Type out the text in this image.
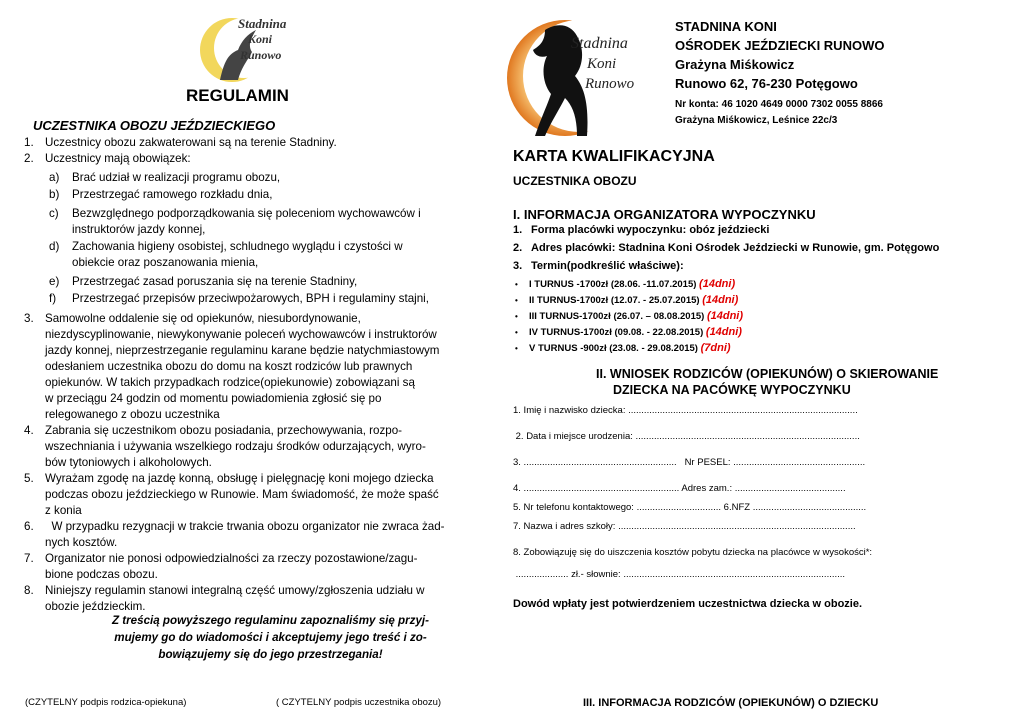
Stadnina
Koni
Runowo
REGULAMIN
UCZESTNIKA OBOZU JEŹDZIECKIEGO
1. Uczestnicy obozu zakwaterowani są na terenie Stadniny.
2. Uczestnicy mają obowiązek:
a) Brać udział w realizacji programu obozu,
b) Przestrzegać ramowego rozkładu dnia,
c) Bezwzględnego podporządkowania się poleceniom wychowawców i
instruktorów jazdy konnej,
d) Zachowania higieny osobistej, schludnego wyglądu i czystości w
obiekcie oraz poszanowania mienia,
e) Przestrzegać zasad poruszania się na terenie Stadniny,
f) Przestrzegać przepisów przeciwpożarowych, BPH i regulaminy stajni,
3. Samowolne oddalenie się od opiekunów, niesubordynowanie,
niezdyscyplinowanie, niewykonywanie poleceń wychowawców i instruktorów
jazdy konnej, nieprzestrzeganie regulaminu karane będzie natychmiastowym
odesłaniem uczestnika obozu do domu na koszt rodziców lub prawnych
opiekunów. W takich przypadkach rodzice(opiekunowie) zobowiązani są
w przeciągu 24 godzin od momentu powiadomienia zgłosić się po
relegowanego z obozu uczestnika
4. Zabrania się uczestnikom obozu posiadania, przechowywania, rozpo-
wszechniania i używania wszelkiego rodzaju środków odurzających, wyro-
bów tytoniowych i alkoholowych.
5. Wyrażam zgodę na jazdę konną, obsługę i pielęgnację koni mojego dziecka
podczas obozu jeździeckiego w Runowie. Mam świadomość, że może spaść
z konia
6. W przypadku rezygnacji w trakcie trwania obozu organizator nie zwraca żad-
nych kosztów.
7. Organizator nie ponosi odpowiedzialności za rzeczy pozostawione/zagu-
bione podczas obozu.
8. Niniejszy regulamin stanowi integralną część umowy/zgłoszenia udziału w
obozie jeździeckim.
Z treścią powyższego regulaminu zapoznaliśmy się przyj-
mujemy go do wiadomości i akceptujemy jego treść i zo-
bowiązujemy się do jego przestrzegania!
(CZYTELNY podpis rodzica-opiekuna)	( CZYTELNY podpis uczestnika obozu)
Stadnina
Koni
Runowo
STADNINA KONI
OŚRODEK JEŹDZIECKI RUNOWO
Grażyna Miśkowicz
Runowo 62, 76-230 Potęgowo
Nr konta: 46 1020 4649 0000 7302 0055 8866
Grażyna Miśkowicz, Leśnice 22c/3
KARTA KWALIFIKACYJNA
UCZESTNIKA OBOZU
I. INFORMACJA ORGANIZATORA WYPOCZYNKU
1. Forma placówki wypoczynku: obóz jeździecki
2. Adres placówki: Stadnina Koni Ośrodek Jeździecki w Runowie, gm. Potęgowo
3. Termin(podkreślić właściwe):
• I TURNUS -1700zł (28.06. -11.07.2015) (14dni)
• II TURNUS-1700zł (12.07. - 25.07.2015) (14dni)
• III TURNUS-1700zł (26.07. – 08.08.2015) (14dni)
• IV TURNUS-1700zł (09.08. - 22.08.2015) (14dni)
• V TURNUS -900zł (23.08. - 29.08.2015) (7dni)
II. WNIOSEK RODZICÓW (OPIEKUNÓW) O SKIEROWANIE
DZIECKA NA PACÓWKĘ WYPOCZYNKU
1. Imię i nazwisko dziecka: .......................................................................................
2. Data i miejsce urodzenia: .....................................................................................
3. ..........................................................   Nr PESEL: ..................................................
4. ........................................................... Adres zam.: ..........................................
5. Nr telefonu kontaktowego: ................................ 6.NFZ ...........................................
7. Nazwa i adres szkoły: ..........................................................................................
8. Zobowiązuję się do uiszczenia kosztów pobytu dziecka na placówce w wysokości*:
.................... zł.- słownie: ....................................................................................
Dowód wpłaty jest potwierdzeniem uczestnictwa dziecka w obozie.
III. INFORMACJA RODZICÓW (OPIEKUNÓW) O DZIECKU
